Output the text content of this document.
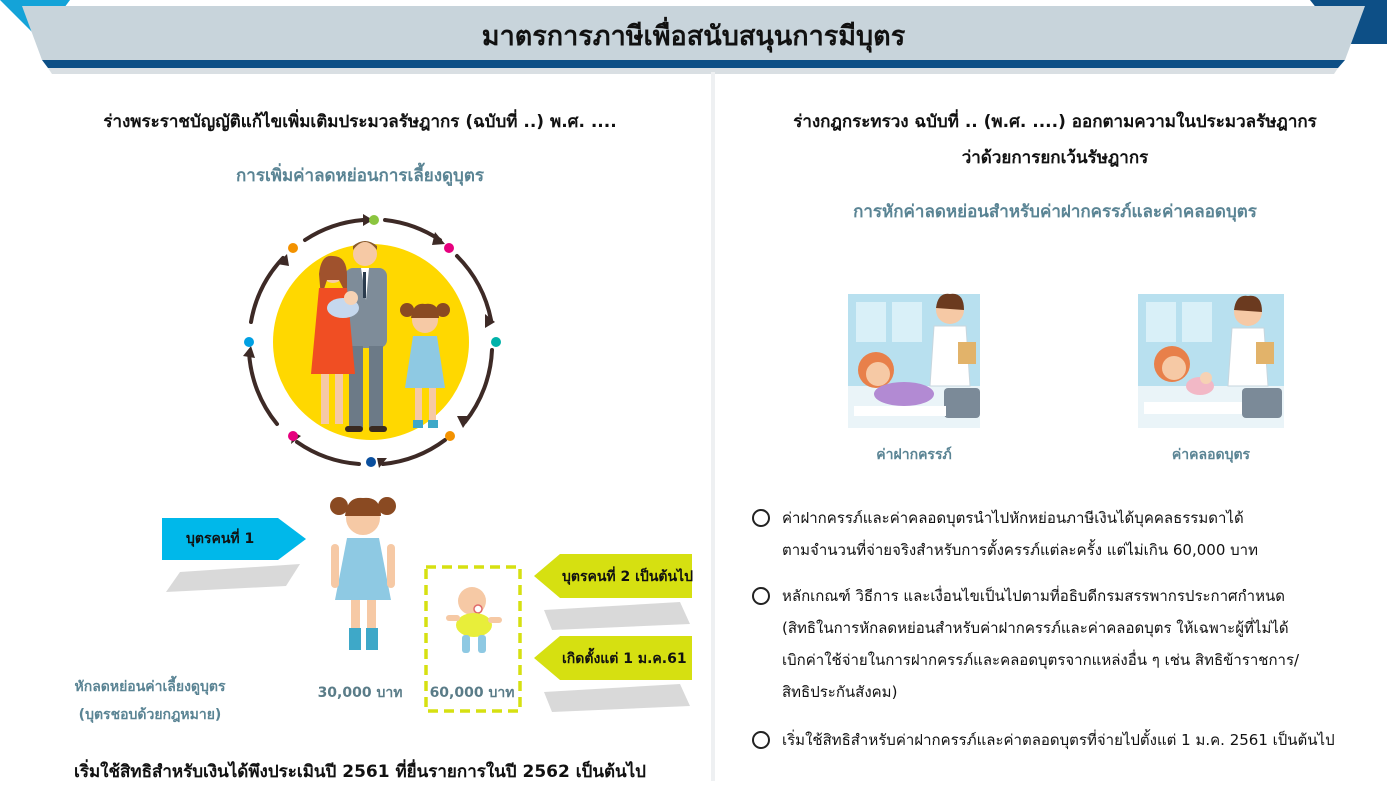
มาตรการภาษีเพื่อสนับสนุนการมีบุตร
ร่างพระราชบัญญัติแก้ไขเพิ่มเติมประมวลรัษฎากร (ฉบับที่ ..) พ.ศ. ....
การเพิ่มค่าลดหย่อนการเลี้ยงดูบุตร
บุตรคนที่ 1
บุตรคนที่ 2 เป็นต้นไป
เกิดตั้งแต่ 1 ม.ค.61
หักลดหย่อนค่าเลี้ยงดูบุตร
(บุตรชอบด้วยกฎหมาย)
30,000 บาท	60,000 บาท
เริ่มใช้สิทธิสำหรับเงินได้พึงประเมินปี 2561 ที่ยื่นรายการในปี 2562 เป็นต้นไป
ร่างกฎกระทรวง ฉบับที่ .. (พ.ศ. ....) ออกตามความในประมวลรัษฎากร
ว่าด้วยการยกเว้นรัษฎากร
การหักค่าลดหย่อนสำหรับค่าฝากครรภ์และค่าคลอดบุตร
ค่าฝากครรภ์	ค่าคลอดบุตร
ค่าฝากครรภ์และค่าคลอดบุตรนำไปหักหย่อนภาษีเงินได้บุคคลธรรมดาได้
ตามจำนวนที่จ่ายจริงสำหรับการตั้งครรภ์แต่ละครั้ง แต่ไม่เกิน 60,000 บาท
หลักเกณฑ์ วิธีการ และเงื่อนไขเป็นไปตามที่อธิบดีกรมสรรพากรประกาศกำหนด
(สิทธิในการหักลดหย่อนสำหรับค่าฝากครรภ์และค่าคลอดบุตร ให้เฉพาะผู้ที่ไม่ได้
เบิกค่าใช้จ่ายในการฝากครรภ์และคลอดบุตรจากแหล่งอื่น ๆ เช่น สิทธิข้าราชการ/
สิทธิประกันสังคม)
เริ่มใช้สิทธิสำหรับค่าฝากครรภ์และค่าตลอดบุตรที่จ่ายไปตั้งแต่ 1 ม.ค. 2561 เป็นต้นไป
